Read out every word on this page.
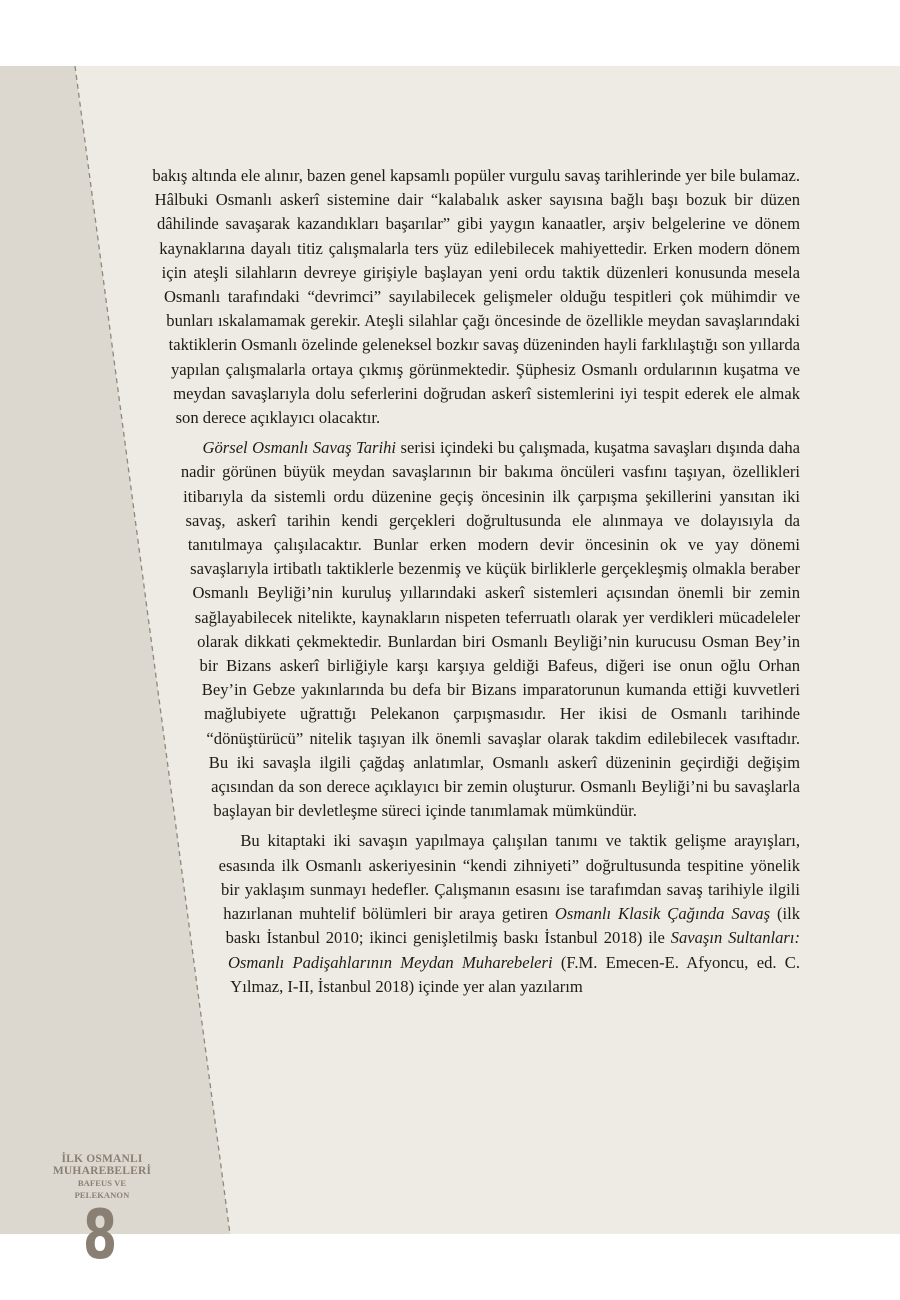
bakış altında ele alınır, bazen genel kapsamlı popüler vurgulu savaş tarihlerinde yer bile bulamaz. Hâlbuki Osmanlı askerî sistemine dair “kalabalık asker sayısına bağlı başı bozuk bir düzen dâhilinde savaşarak kazandıkları başarılar” gibi yaygın kanaatler, arşiv belgelerine ve dönem kaynaklarına dayalı titiz çalışmalarla ters yüz edilebilecek mahiyettedir. Erken modern dönem için ateşli silahların devreye girişiyle başlayan yeni ordu taktik düzenleri konusunda mesela Osmanlı tarafındaki “devrimci” sayılabilecek gelişmeler olduğu tespitleri çok mühimdir ve bunları ıskalamamak gerekir. Ateşli silahlar çağı öncesinde de özellikle meydan savaşlarındaki taktiklerin Osmanlı özelinde geleneksel bozkır savaş düzeninden hayli farklılaştığı son yıllarda yapılan çalışmalarla ortaya çıkmış görünmektedir. Şüphesiz Osmanlı ordularının kuşatma ve meydan savaşlarıyla dolu seferlerini doğrudan askerî sistemlerini iyi tespit ederek ele almak son derece açıklayıcı olacaktır.

Görsel Osmanlı Savaş Tarihi serisi içindeki bu çalışmada, kuşatma savaşları dışında daha nadir görünen büyük meydan savaşlarının bir bakıma öncüleri vasfını taşıyan, özellikleri itibarıyla da sistemli ordu düzenine geçiş öncesinin ilk çarpışma şekillerini yansıtan iki savaş, askerî tarihin kendi gerçekleri doğrultusunda ele alınmaya ve dolayısıyla da tanıtılmaya çalışılacaktır. Bunlar erken modern devir öncesinin ok ve yay dönemi savaşlarıyla irtibatlı taktiklerle bezenmiş ve küçük birliklerle gerçekleşmiş olmakla beraber Osmanlı Beyliği’nin kuruluş yıllarındaki askerî sistemleri açısından önemli bir zemin sağlayabilecek nitelikte, kaynakların nispeten teferruatlı olarak yer verdikleri mücadeleler olarak dikkati çekmektedir. Bunlardan biri Osmanlı Beyliği’nin kurucusu Osman Bey’in bir Bizans askerî birliğiyle karşı karşıya geldiği Bafeus, diğeri ise onun oğlu Orhan Bey’in Gebze yakınlarında bu defa bir Bizans imparatorunun kumanda ettiği kuvvetleri mağlubiyete uğrattığı Pelekanon çarpışmasıdır. Her ikisi de Osmanlı tarihinde “dönüştürücü” nitelik taşıyan ilk önemli savaşlar olarak takdim edilebilecek vasıftadır. Bu iki savaşla ilgili çağdaş anlatımlar, Osmanlı askerî düzeninin geçirdiği değişim açısından da son derece açıklayıcı bir zemin oluşturur. Osmanlı Beyliği’ni bu savaşlarla başlayan bir devletleşme süreci içinde tanımlamak mümkündür.

Bu kitaptaki iki savaşın yapılmaya çalışılan tanımı ve taktik gelişme arayışları, esasında ilk Osmanlı askeriyesinin “kendi zihniyeti” doğrultusunda tespitine yönelik bir yaklaşım sunmayı hedefler. Çalışmanın esasını ise tarafımdan savaş tarihiyle ilgili hazırlanan muhtelif bölümleri bir araya getiren Osmanlı Klasik Çağında Savaş (ilk baskı İstanbul 2010; ikinci genişletilmiş baskı İstanbul 2018) ile Savaşın Sultanları: Osmanlı Padişahlarının Meydan Muharebeleri (F.M. Emecen-E. Afyoncu, ed. C. Yılmaz, I-II, İstanbul 2018) içinde yer alan yazılarım

İLK OSMANLI
MUHAREBELERİ
BAFEUS VE PELEKANON
8
